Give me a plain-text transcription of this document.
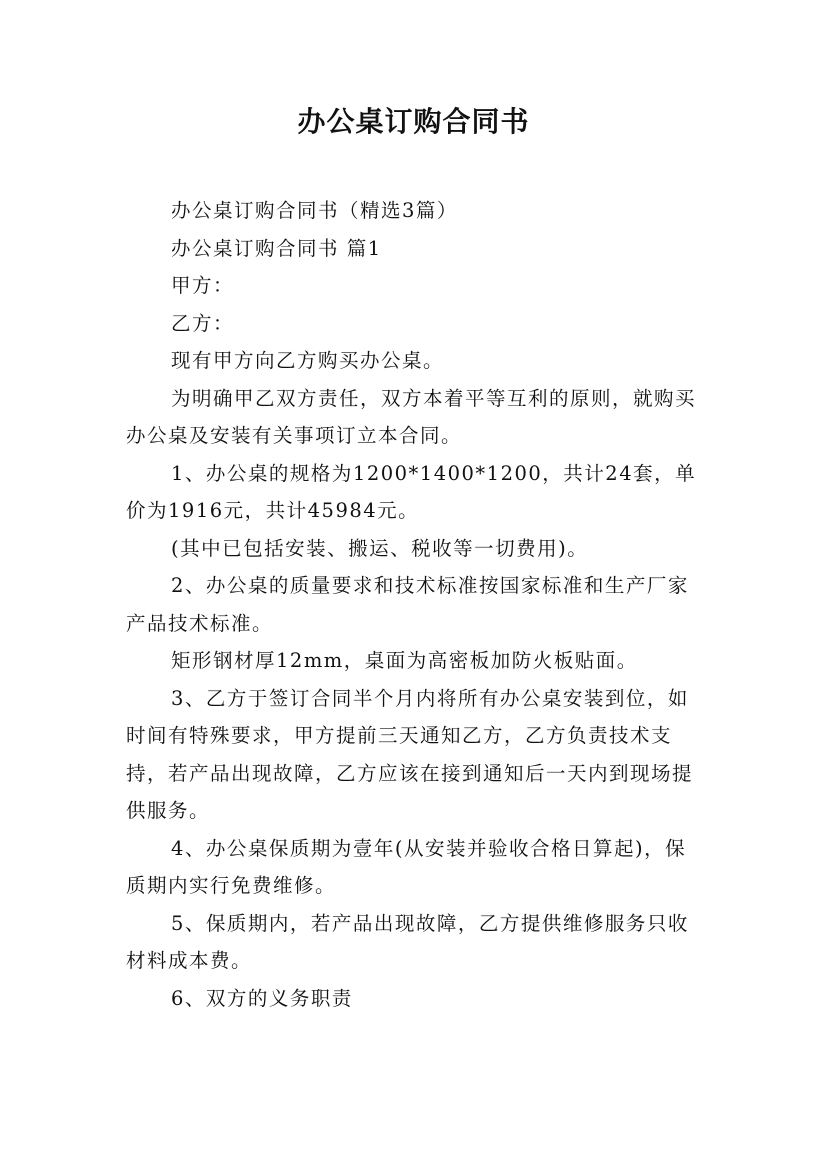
办公桌订购合同书

办公桌订购合同书（精选3篇）

办公桌订购合同书 篇1

甲方：

乙方：

现有甲方向乙方购买办公桌。

为明确甲乙双方责任，双方本着平等互利的原则，就购买办公桌及安装有关事项订立本合同。

1、办公桌的规格为1200*1400*1200，共计24套，单价为1916元，共计45984元。

(其中已包括安装、搬运、税收等一切费用)。

2、办公桌的质量要求和技术标准按国家标准和生产厂家产品技术标准。

矩形钢材厚12mm，桌面为高密板加防火板贴面。

3、乙方于签订合同半个月内将所有办公桌安装到位，如时间有特殊要求，甲方提前三天通知乙方，乙方负责技术支持，若产品出现故障，乙方应该在接到通知后一天内到现场提供服务。

4、办公桌保质期为壹年(从安装并验收合格日算起)，保质期内实行免费维修。

5、保质期内，若产品出现故障，乙方提供维修服务只收材料成本费。

6、双方的义务职责
